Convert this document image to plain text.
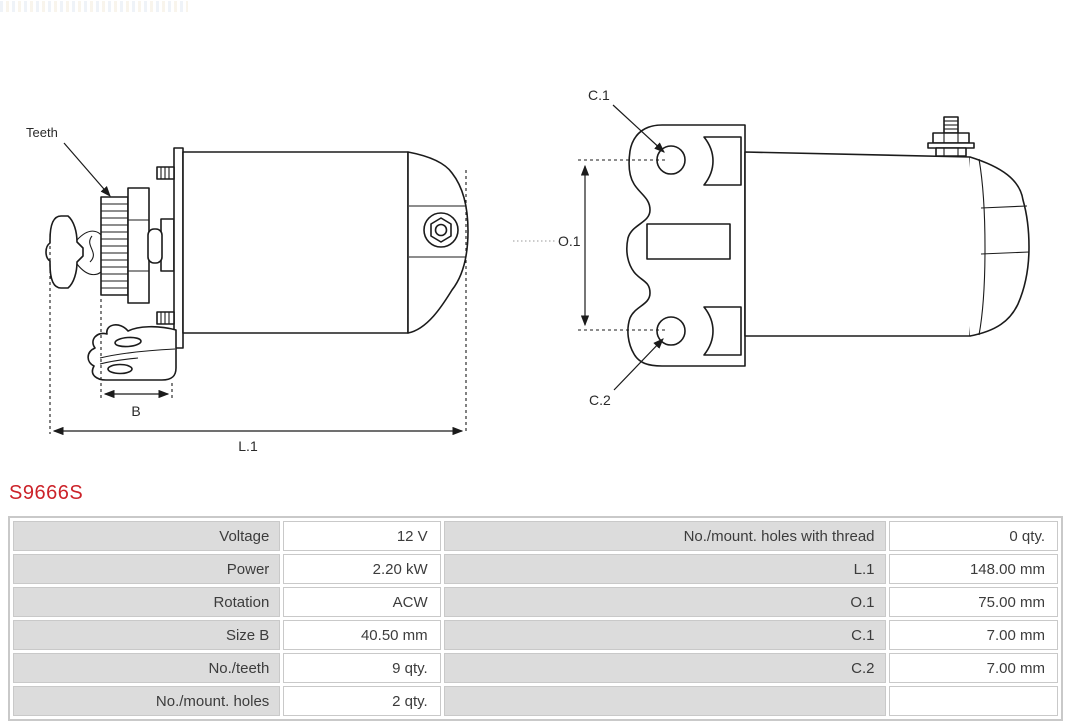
B
L.1
Teeth
O.1
C.1
C.2
S9666S
Voltage	12 V	No./mount. holes with thread	0 qty.
Power	2.20 kW	L.1	148.00 mm
Rotation	ACW	O.1	75.00 mm
Size B	40.50 mm	C.1	7.00 mm
No./teeth	9 qty.	C.2	7.00 mm
No./mount. holes	2 qty.		
